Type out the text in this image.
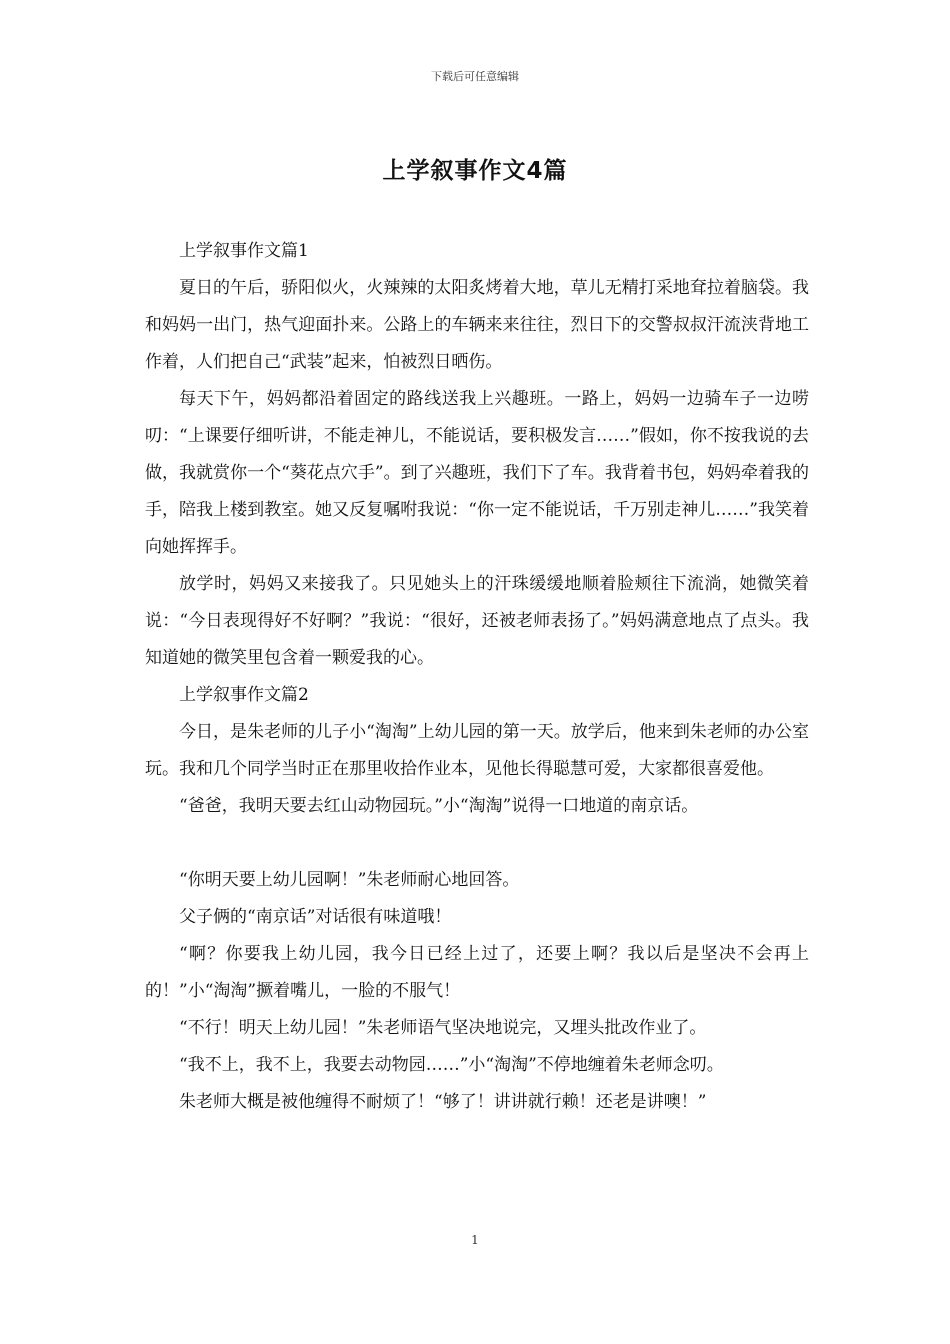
下载后可任意编辑
上学叙事作文4篇

上学叙事作文篇1

夏日的午后，骄阳似火，火辣辣的太阳炙烤着大地，草儿无精打采地耷拉着脑袋。我和妈妈一出门，热气迎面扑来。公路上的车辆来来往往，烈日下的交警叔叔汗流浃背地工作着，人们把自己“武装”起来，怕被烈日晒伤。

每天下午，妈妈都沿着固定的路线送我上兴趣班。一路上，妈妈一边骑车子一边唠叨：“上课要仔细听讲，不能走神儿，不能说话，要积极发言……”假如，你不按我说的去做，我就赏你一个“葵花点穴手”。到了兴趣班，我们下了车。我背着书包，妈妈牵着我的手，陪我上楼到教室。她又反复嘱咐我说：“你一定不能说话，千万别走神儿……”我笑着向她挥挥手。

放学时，妈妈又来接我了。只见她头上的汗珠缓缓地顺着脸颊往下流淌，她微笑着说：“今日表现得好不好啊？”我说：“很好，还被老师表扬了。”妈妈满意地点了点头。我知道她的微笑里包含着一颗爱我的心。

上学叙事作文篇2

今日，是朱老师的儿子小“淘淘”上幼儿园的第一天。放学后，他来到朱老师的办公室玩。我和几个同学当时正在那里收拾作业本，见他长得聪慧可爱，大家都很喜爱他。

“爸爸，我明天要去红山动物园玩。”小“淘淘”说得一口地道的南京话。

“你明天要上幼儿园啊！”朱老师耐心地回答。

父子俩的“南京话”对话很有味道哦！

“啊？你要我上幼儿园，我今日已经上过了，还要上啊？我以后是坚决不会再上的！”小“淘淘”撅着嘴儿，一脸的不服气！

“不行！明天上幼儿园！”朱老师语气坚决地说完，又埋头批改作业了。

“我不上，我不上，我要去动物园……”小“淘淘”不停地缠着朱老师念叨。

朱老师大概是被他缠得不耐烦了！“够了！讲讲就行赖！还老是讲噢！”

1
